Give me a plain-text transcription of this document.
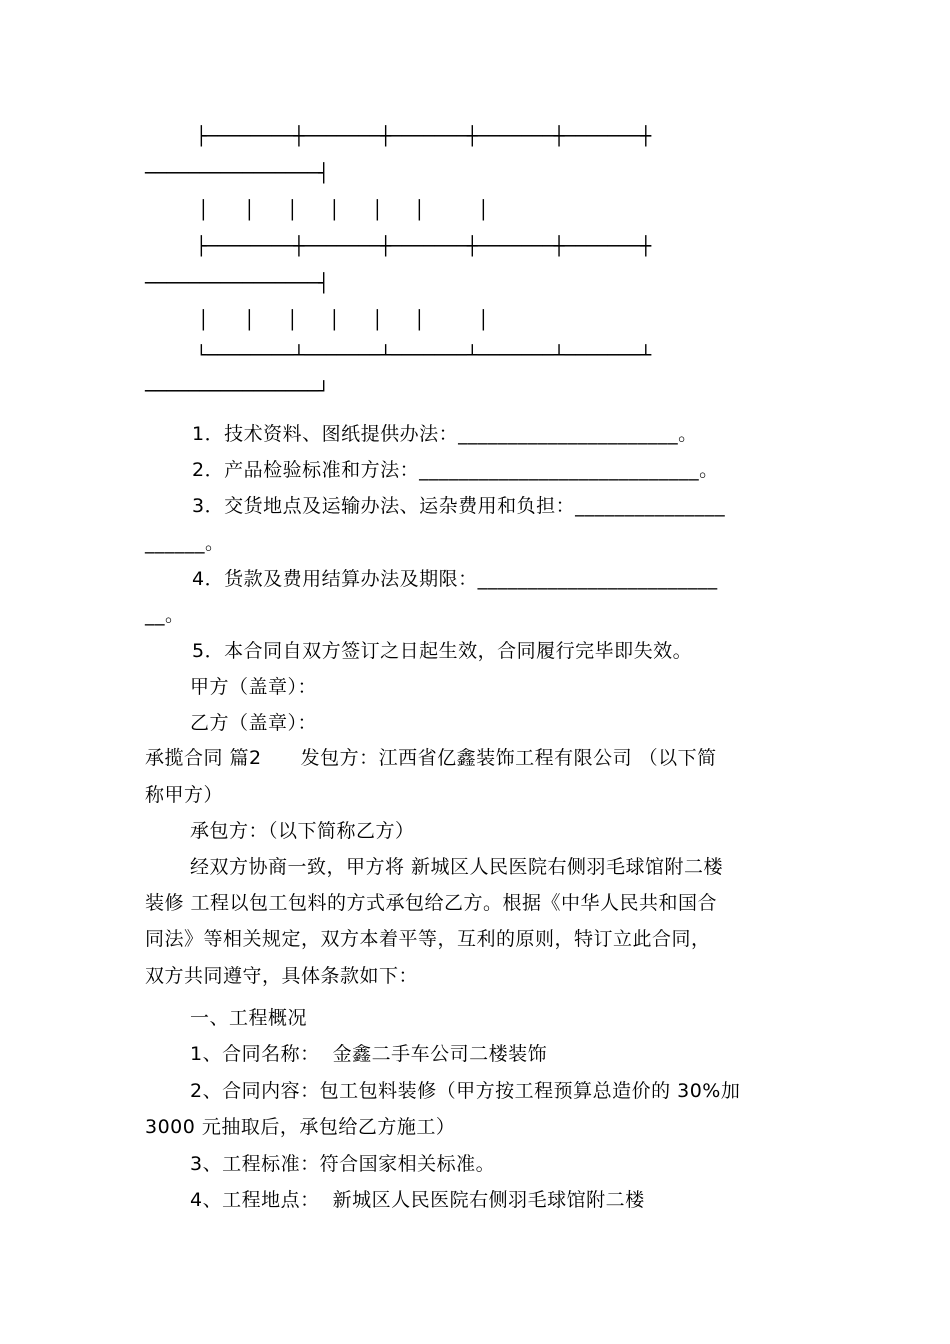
├────────┼───────┼───────┼───────┼───────┼
────────────────┤
│ │ │ │ │ │	│
├────────┼───────┼───────┼───────┼───────┼
────────────────┤
│ │ │ │ │ │	│
└────────┴───────┴───────┴───────┴───────┴
────────────────┘
1．技术资料、图纸提供办法：______________________。
2．产品检验标准和方法：____________________________。
3．交货地点及运输办法、运杂费用和负担：_______________
______。
4．货款及费用结算办法及期限：________________________
__。
5．本合同自双方签订之日起生效，合同履行完毕即失效。
甲方（盖章）：
乙方（盖章）：
承揽合同 篇2　　发包方：江西省亿鑫装饰工程有限公司 （以下简
称甲方）
承包方：（以下简称乙方）
经双方协商一致，甲方将 新城区人民医院右侧羽毛球馆附二楼
装修 工程以包工包料的方式承包给乙方。根据《中华人民共和国合
同法》等相关规定，双方本着平等，互利的原则，特订立此合同，
双方共同遵守，具体条款如下：
一、工程概况
1、合同名称：  金鑫二手车公司二楼装饰
2、合同内容：包工包料装修（甲方按工程预算总造价的 30%加
3000 元抽取后，承包给乙方施工）
3、工程标准：符合国家相关标准。
4、工程地点：  新城区人民医院右侧羽毛球馆附二楼
